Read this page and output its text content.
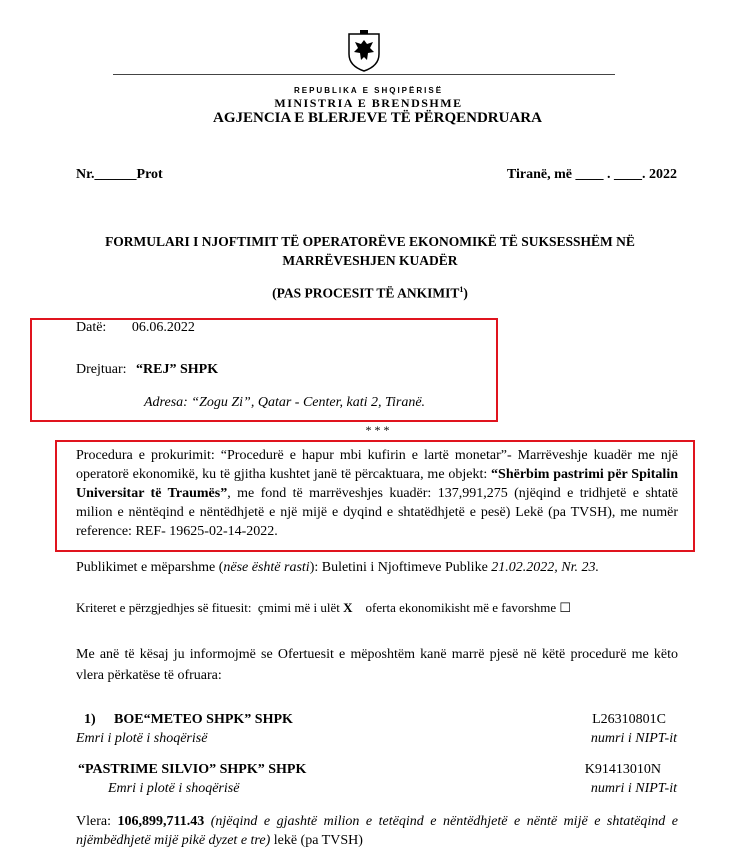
REPUBLIKA E SHQIPËRISË
MINISTRIA E BRENDSHME
AGJENCIA E BLERJEVE TË PËRQENDRUARA
Nr.______Prot	Tiranë, më ____ . ____. 2022
FORMULARI I NJOFTIMIT TË OPERATORËVE EKONOMIKË TË SUKSESSHËM NË
MARRËVESHJEN KUADËR
(PAS PROCESIT TË ANKIMIT$^1$)
Datë: 06.06.2022
Drejtuar: “REJ” SHPK
Adresa: “Zogu Zi”, Qatar - Center, kati 2, Tiranë.
* * *

Procedura e prokurimit: “Procedurë e hapur mbi kufirin e lartë monetar”- Marrëveshje kuadër me një operatorë ekonomikë, ku të gjitha kushtet janë të përcaktuara, me objekt: “Shërbim pastrimi për Spitalin Universitar të Traumës”, me fond të marrëveshjes kuadër: 137,991,275 (njëqind e tridhjetë e shtatë milion e nëntëqind e nëntëdhjetë e një mijë e dyqind e shtatëdhjetë e pesë) Lekë (pa TVSH), me numër reference: REF- 19625-02-14-2022.

Publikimet e mëparshme (nëse është rasti): Buletini i Njoftimeve Publike 21.02.2022, Nr. 23.

Kriteret e përzgjedhjes së fituesit:  çmimi më i ulët X    oferta ekonomikisht më e favorshme ☐

Me anë të kësaj ju informojmë se Ofertuesit e mëposhtëm kanë marrë pjesë në këtë procedurë me këto vlera përkatëse të ofruara:

1) BOE“METEO SHPK” SHPK	L26310801C
Emri i plotë i shoqërisë	numri i NIPT-it
“PASTRIME SILVIO” SHPK” SHPK	K91413010N
Emri i plotë i shoqërisë	numri i NIPT-it

Vlera: 106,899,711.43 (njëqind e gjashtë milion e tetëqind e nëntëdhjetë e nëntë mijë e shtatëqind e njëmbëdhjetë mijë pikë dyzet e tre) lekë (pa TVSH)
